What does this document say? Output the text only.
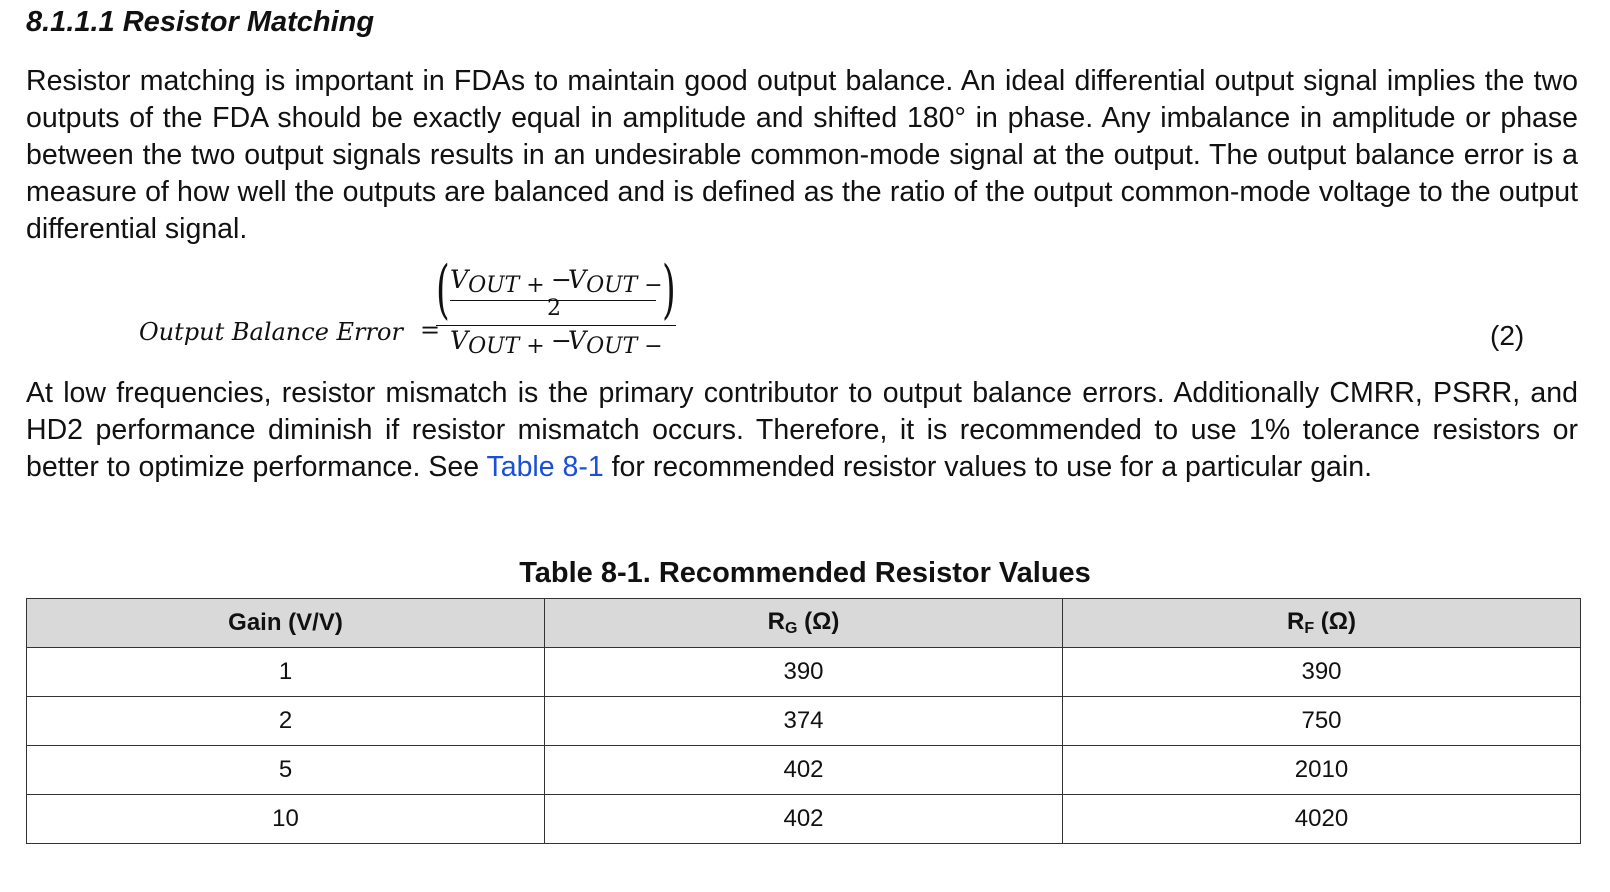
8.1.1.1 Resistor Matching

Resistor matching is important in FDAs to maintain good output balance. An ideal differential output signal implies the two outputs of the FDA should be exactly equal in amplitude and shifted 180° in phase. Any imbalance in amplitude or phase between the two output signals results in an undesirable common-mode signal at the output. The output balance error is a measure of how well the outputs are balanced and is defined as the ratio of the output common-mode voltage to the output differential signal.

Output Balance Error =
(	)
VOUT + −
VOUT −
2
VOUT + −
VOUT −	(2)

At low frequencies, resistor mismatch is the primary contributor to output balance errors. Additionally CMRR, PSRR, and HD2 performance diminish if resistor mismatch occurs. Therefore, it is recommended to use 1% tolerance resistors or better to optimize performance. See Table 8-1 for recommended resistor values to use for a particular gain.

Table 8-1. Recommended Resistor Values

Gain (V/V)	$R_G$ (Ω)	$R_F$ (Ω)
1	390	390
2	374	750
5	402	2010
10	402	4020
